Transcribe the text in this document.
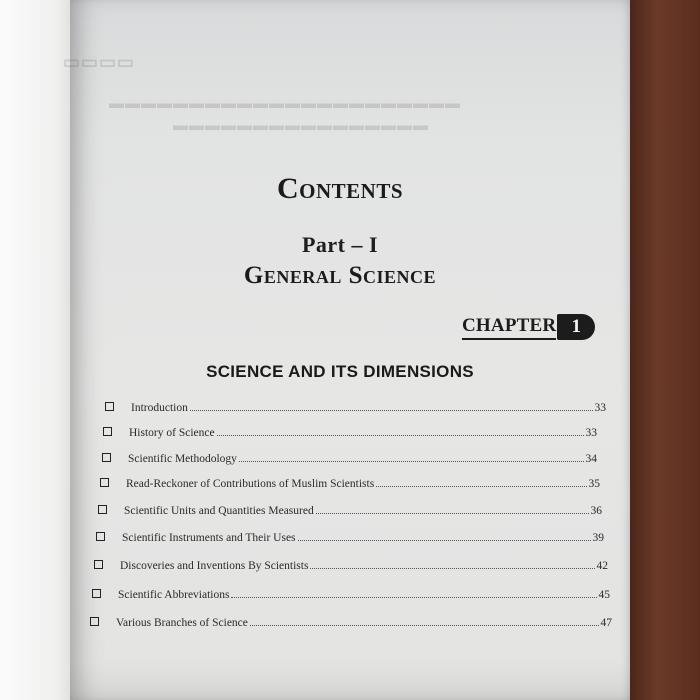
▭▭▭▭
▬▬▬▬▬▬▬▬▬▬▬▬▬▬▬▬▬▬▬▬▬▬
▬▬▬▬▬▬▬▬▬▬▬▬▬▬▬▬
Contents
Part – I
General Science
CHAPTER 1
SCIENCE AND ITS DIMENSIONS
Introduction	33
History of Science	33
Scientific Methodology	34
Read-Reckoner of Contributions of Muslim Scientists	35
Scientific Units and Quantities Measured	36
Scientific Instruments and Their Uses	39
Discoveries and Inventions By Scientists	42
Scientific Abbreviations	45
Various Branches of Science	47
